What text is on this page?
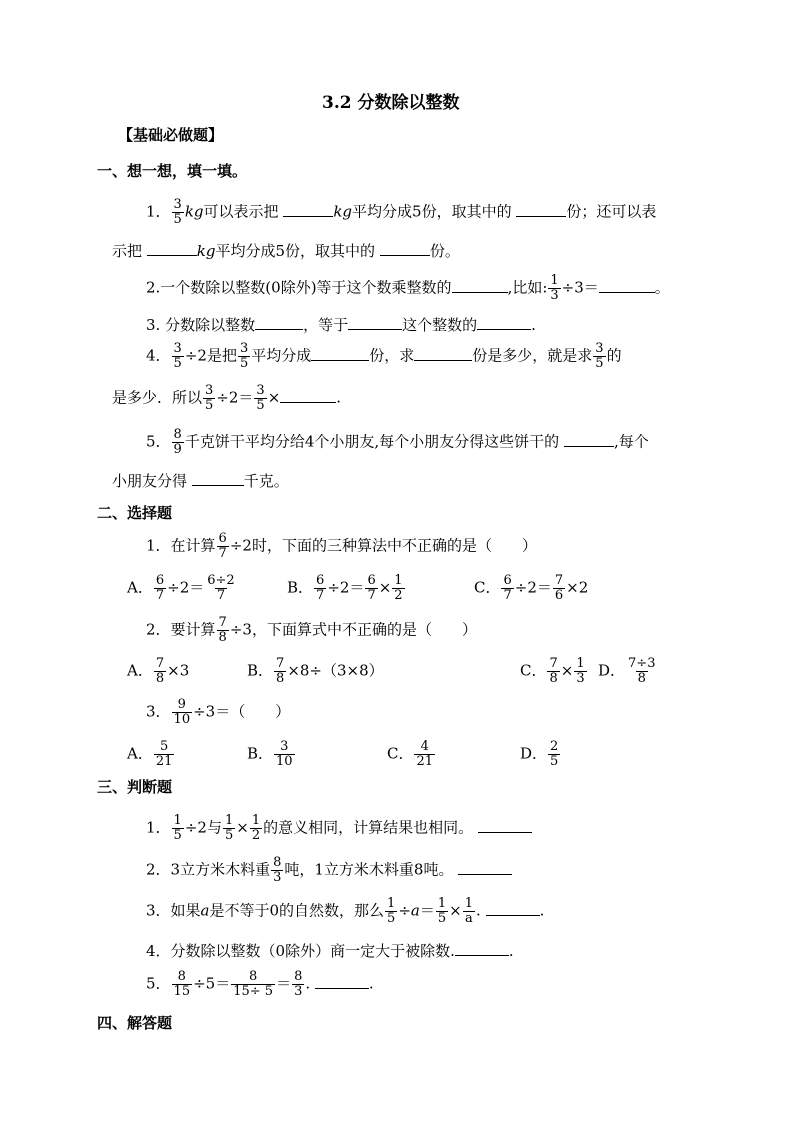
3.2 分数除以整数
【基础必做题】
一、想一想，填一填。
1． $\frac{3}{5}$ kg可以表示把	kg平均分成5份，取其中的	份；还可以表
示把	kg平均分成5份，取其中的	份。
2.一个数除以整数(0除外)等于这个数乘整数的	,比如: $\frac{1}{3} \div 3=$	。
3. 分数除以整数	，等于	这个整数的	.
4． $\frac{3}{5} \div 2$是把 $\frac{3}{5}$ 平均分成	份，求	份是多少，就是求 $\frac{3}{5}$ 的
是多少．所以 $\frac{3}{5} \div 2= \frac{3}{5}$ ×	.
5． $\frac{8}{9}$ 千克饼干平均分给4个小朋友,每个小朋友分得这些饼干的	,每个
小朋友分得	千克。
二、选择题
1．在计算 $\frac{6}{7} \div 2$时，下面的三种算法中不正确的是（　　）
A． $\frac{6}{7} \div 2= \frac{6\div 2}{7}$	B． $\frac{6}{7} \div 2= \frac{6}{7} \times \frac{1}{2}$	C． $\frac{6}{7} \div 2= \frac{7}{6} \times 2$
2．要计算 $\frac{7}{8} \div 3$，下面算式中不正确的是（　　）
A． $\frac{7}{8} \times 3$	B． $\frac{7}{8} \times 8\div(3\times 8)$	C． $\frac{7}{8} \times \frac{1}{3}$ D． $\frac{7\div 3}{8}$
3． $\frac{9}{10} \div 3=$（　　）
A． $\frac{5}{21}$	B． $\frac{3}{10}$	C． $\frac{4}{21}$	D． $\frac{2}{5}$
三、判断题
1． $\frac{1}{5} \div 2$与 $\frac{1}{5} \times \frac{1}{2}$ 的意义相同，计算结果也相同。
2．3立方米木料重 $\frac{8}{3}$ 吨，1立方米木料重8吨。
3．如果a是不等于0的自然数，那么 $\frac{1}{5} \div a= \frac{1}{5} \times \frac{1}{a}$ .	.
4．分数除以整数（0除外）商一定大于被除数.	.
5． $\frac{8}{15} \div 5= \frac{8}{15\div 5} = \frac{8}{3}$ .	.
四、解答题
